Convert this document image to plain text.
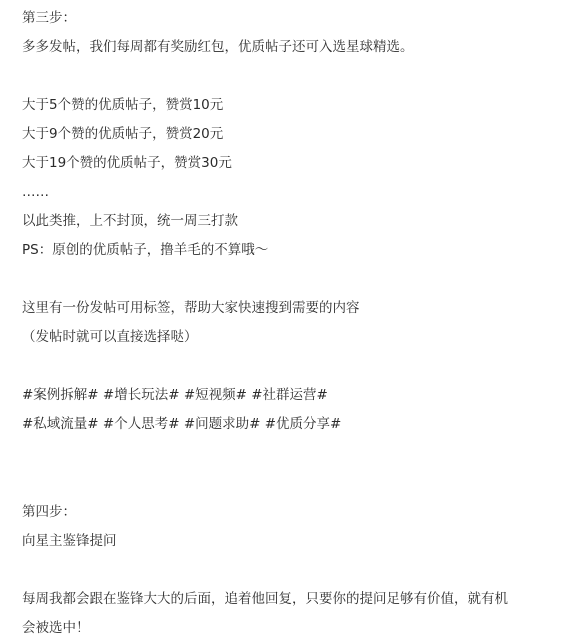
第三步：
多多发帖，我们每周都有奖励红包，优质帖子还可入选星球精选。
大于5个赞的优质帖子，赞赏10元
大于9个赞的优质帖子，赞赏20元
大于19个赞的优质帖子，赞赏30元
……
以此类推，上不封顶，统一周三打款
PS：原创的优质帖子，撸羊毛的不算哦～
这里有一份发帖可用标签，帮助大家快速搜到需要的内容
（发帖时就可以直接选择哒）
#案例拆解# #增长玩法# #短视频# #社群运营#
#私域流量# #个人思考# #问题求助# #优质分享#
第四步：
向星主鉴锋提问
每周我都会跟在鉴锋大大的后面，追着他回复，只要你的提问足够有价值，就有机
会被选中！
